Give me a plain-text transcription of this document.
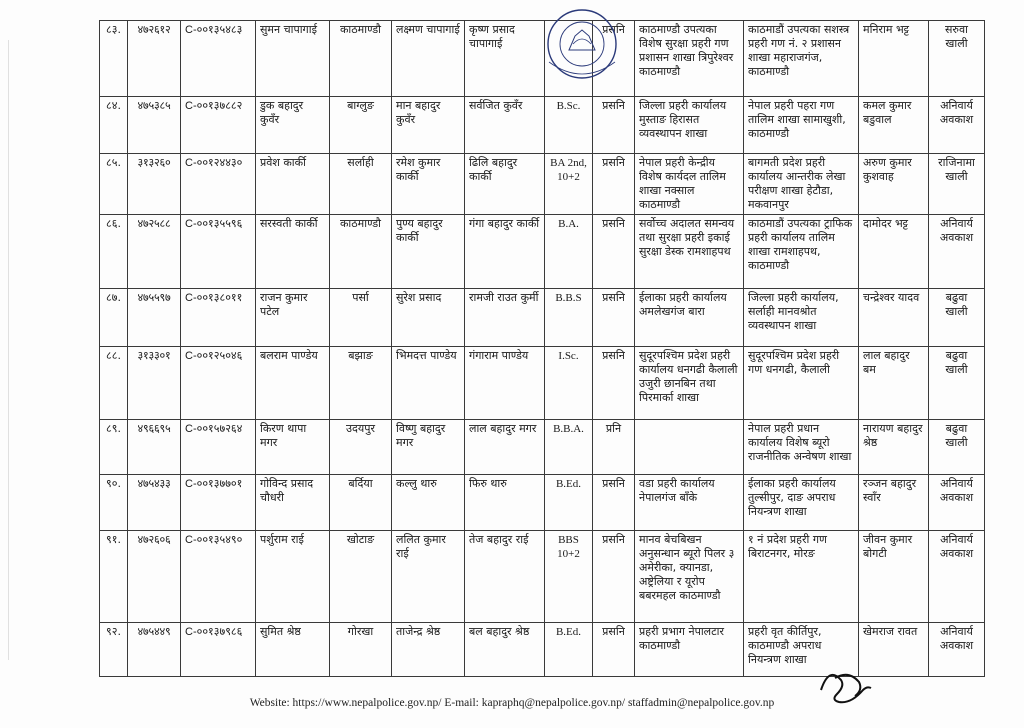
८३.	४७२६१२	C-००१३५४८३	सुमन चापागाई	काठमाण्डौ	लक्ष्मण चापागाई	कृष्ण प्रसाद चापागाई		प्रसनि	काठमाण्डौ उपत्यका विशेष सुरक्षा प्रहरी गण प्रशासन शाखा त्रिपुरेश्वर काठमाण्डौ	काठमाडौं उपत्यका सशस्त्र प्रहरी गण नं. २ प्रशासन शाखा महाराजगंज, काठमाण्डौ	मनिराम भट्ट	सरुवा खाली
८४.	४७५३८५	C-००१३७८८२	डुक बहादुर कुवँर	बाग्लुङ	मान बहादुर कुवँर	सर्वजित कुवँर	B.Sc.	प्रसनि	जिल्ला प्रहरी कार्यालय मुस्ताङ हिरासत व्यवस्थापन शाखा	नेपाल प्रहरी पहरा गण तालिम शाखा सामाखुशी, काठमाण्डौ	कमल कुमार बडुवाल	अनिवार्य अवकाश
८५.	३१३२६०	C-००१२४४३०	प्रवेश कार्की	सर्लाही	रमेश कुमार कार्की	ढिलि बहादुर कार्की	BA 2nd, 10+2	प्रसनि	नेपाल प्रहरी केन्द्रीय विशेष कार्यदल तालिम शाखा नक्साल काठमाण्डौ	बागमती प्रदेश प्रहरी कार्यालय आन्तरीक लेखा परीक्षण शाखा हेटौडा, मकवानपुर	अरुण कुमार कुशवाह	राजिनामा खाली
८६.	४७२५८८	C-००१३५५९६	सरस्वती कार्की	काठमाण्डौ	पुण्य बहादुर कार्की	गंगा बहादुर कार्की	B.A.	प्रसनि	सर्वोच्च अदालत समन्वय तथा सुरक्षा प्रहरी इकाई सुरक्षा डेस्क रामशाहपथ	काठमाडौं उपत्यका ट्राफिक प्रहरी कार्यालय तालिम शाखा रामशाहपथ, काठमाण्डौ	दामोदर भट्ट	अनिवार्य अवकाश
८७.	४७५५९७	C-००१३८०११	राजन कुमार पटेल	पर्सा	सुरेश प्रसाद	रामजी राउत कुर्मी	B.B.S	प्रसनि	ईलाका प्रहरी कार्यालय अमलेखगंज बारा	जिल्ला प्रहरी कार्यालय, सर्लाही मानवश्रोत व्यवस्थापन शाखा	चन्द्रेश्वर यादव	बढुवा खाली
८८.	३१३३०१	C-००१२५०४६	बलराम पाण्डेय	बझाङ	भिमदत्त पाण्डेय	गंगाराम पाण्डेय	I.Sc.	प्रसनि	सुदूरपश्चिम प्रदेश प्रहरी कार्यालय धनगढी कैलाली उजुरी छानबिन तथा पिरमार्का शाखा	सुदूरपश्चिम प्रदेश प्रहरी गण धनगढी, कैलाली	लाल बहादुर बम	बढुवा खाली
८९.	४९६६९५	C-००१५७२६४	किरण थापा मगर	उदयपुर	विष्णु बहादुर मगर	लाल बहादुर मगर	B.B.A.	प्रनि		नेपाल प्रहरी प्रधान कार्यालय विशेष ब्यूरो राजनीतिक अन्वेषण शाखा	नारायण बहादुर श्रेष्ठ	बढुवा खाली
९०.	४७५४३३	C-००१३७७०१	गोविन्द प्रसाद चौधरी	बर्दिया	कल्लु थारु	फिरु थारु	B.Ed.	प्रसनि	वडा प्रहरी कार्यालय नेपालगंज बाँके	ईलाका प्रहरी कार्यालय तुल्सीपुर, दाङ अपराध नियन्त्रण शाखा	रञ्जन बहादुर स्वाँर	अनिवार्य अवकाश
९१.	४७२६०६	C-००१३५४९०	पर्शुराम राई	खोटाङ	ललित कुमार राई	तेज बहादुर राई	BBS 10+2	प्रसनि	मानव बेचबिखन अनुसन्धान ब्यूरो पिलर ३ अमेरीका, क्यानडा, अष्ट्रेलिया र यूरोप बबरमहल काठमाण्डौ	१ नं प्रदेश प्रहरी गण बिराटनगर, मोरङ	जीवन कुमार बोगटी	अनिवार्य अवकाश
९२.	४७५४४९	C-००१३७९८६	सुमित श्रेष्ठ	गोरखा	ताजेन्द्र श्रेष्ठ	बल बहादुर श्रेष्ठ	B.Ed.	प्रसनि	प्रहरी प्रभाग नेपालटार काठमाण्डौ	प्रहरी वृत कीर्तिपुर, काठमाण्डौ अपराध नियन्त्रण शाखा	खेमराज रावत	अनिवार्य अवकाश
Website: https://www.nepalpolice.gov.np/ E-mail: kapraphq@nepalpolice.gov.np/ staffadmin@nepalpolice.gov.np
